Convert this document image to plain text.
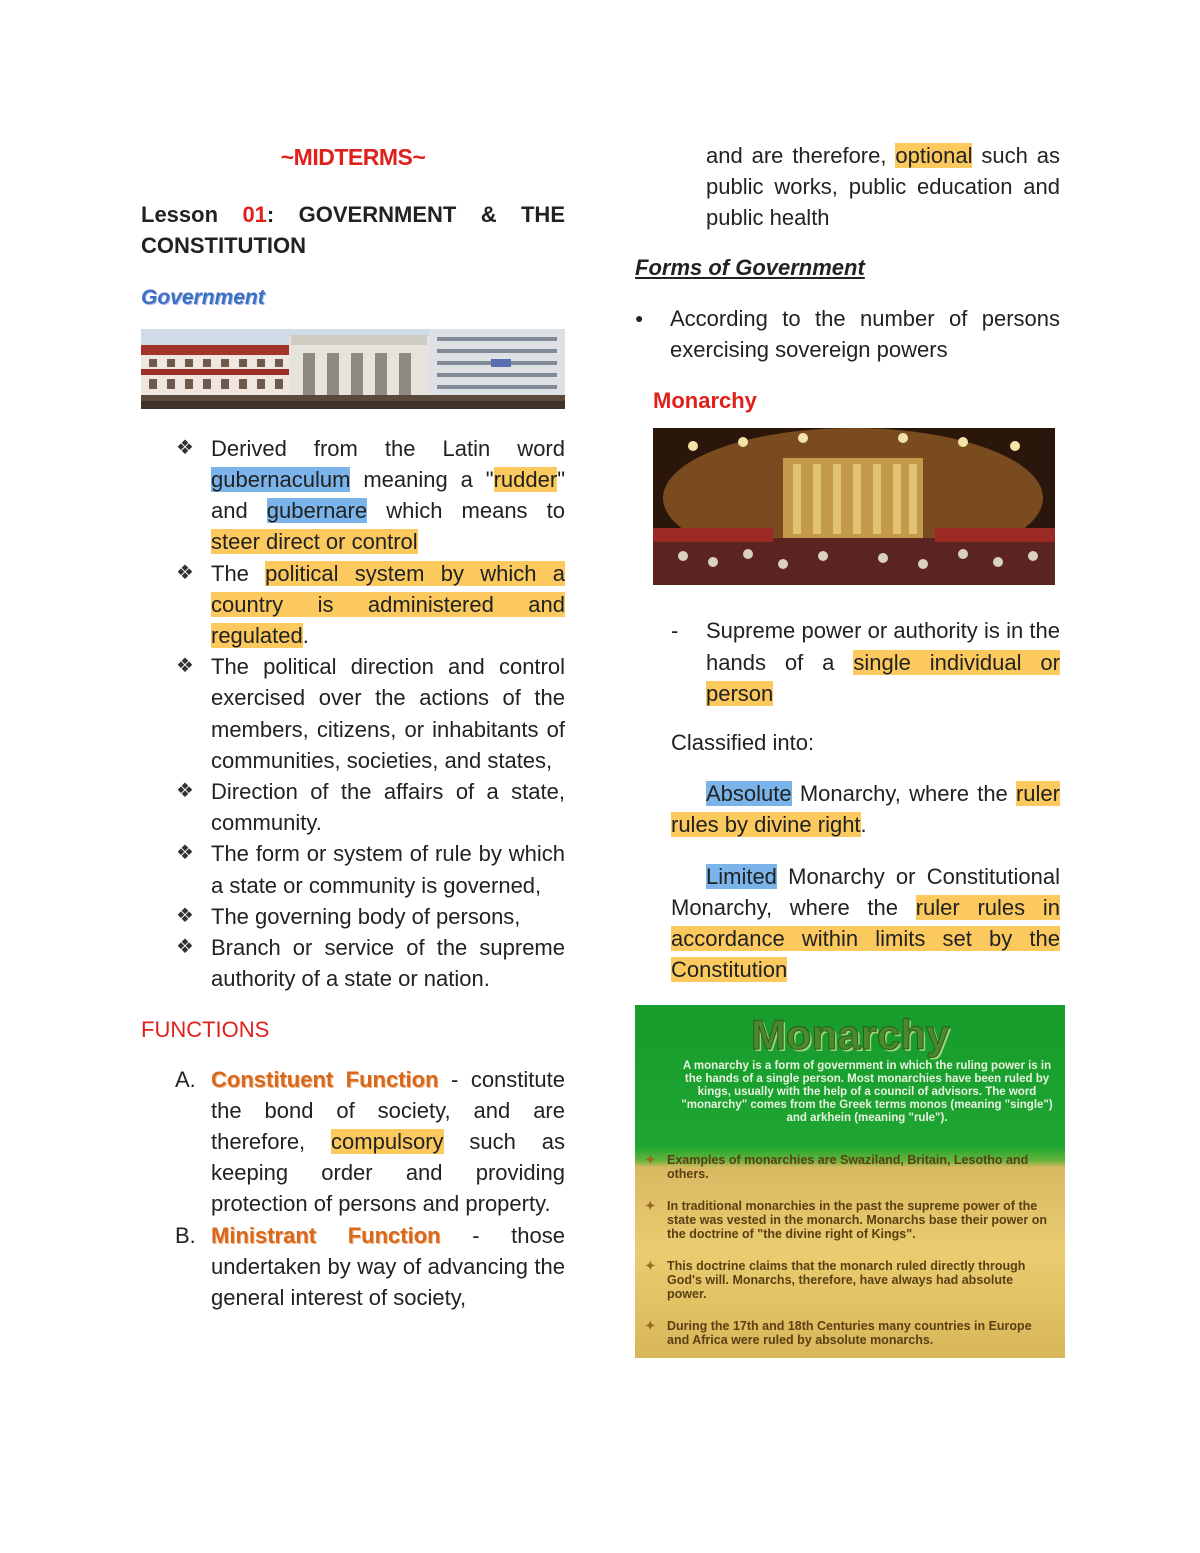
~MIDTERMS~
Lesson 01: GOVERNMENT & THE CONSTITUTION
Government
❖ Derived from the Latin word gubernaculum meaning a "rudder" and gubernare which means to steer direct or control
❖ The political system by which a country is administered and regulated.
❖ The political direction and control exercised over the actions of the members, citizens, or inhabitants of communities, societies, and states,
❖ Direction of the affairs of a state, community.
❖ The form or system of rule by which a state or community is governed,
❖ The governing body of persons,
❖ Branch or service of the supreme authority of a state or nation.
FUNCTIONS
A. Constituent Function - constitute the bond of society, and are therefore, compulsory such as keeping order and providing protection of persons and property.
B. Ministrant Function - those undertaken by way of advancing the general interest of society,
and are therefore, optional such as public works, public education and public health
Forms of Government
● According to the number of persons exercising sovereign powers
Monarchy
- Supreme power or authority is in the hands of a single individual or person
Classified into:
Absolute Monarchy, where the ruler rules by divine right.
Limited Monarchy or Constitutional Monarchy, where the ruler rules in accordance within limits set by the Constitution
Monarchy
A monarchy is a form of government in which the ruling power is in the hands of a single person. Most monarchies have been ruled by kings, usually with the help of a council of advisors. The word "monarchy" comes from the Greek terms monos (meaning "single") and arkhein (meaning "rule").
✦ Examples of monarchies are Swaziland, Britain, Lesotho and others.
✦ In traditional monarchies in the past the supreme power of the state was vested in the monarch. Monarchs base their power on the doctrine of "the divine right of Kings".
✦ This doctrine claims that the monarch ruled directly through God's will. Monarchs, therefore, have always had absolute power.
✦ During the 17th and 18th Centuries many countries in Europe and Africa were ruled by absolute monarchs.
